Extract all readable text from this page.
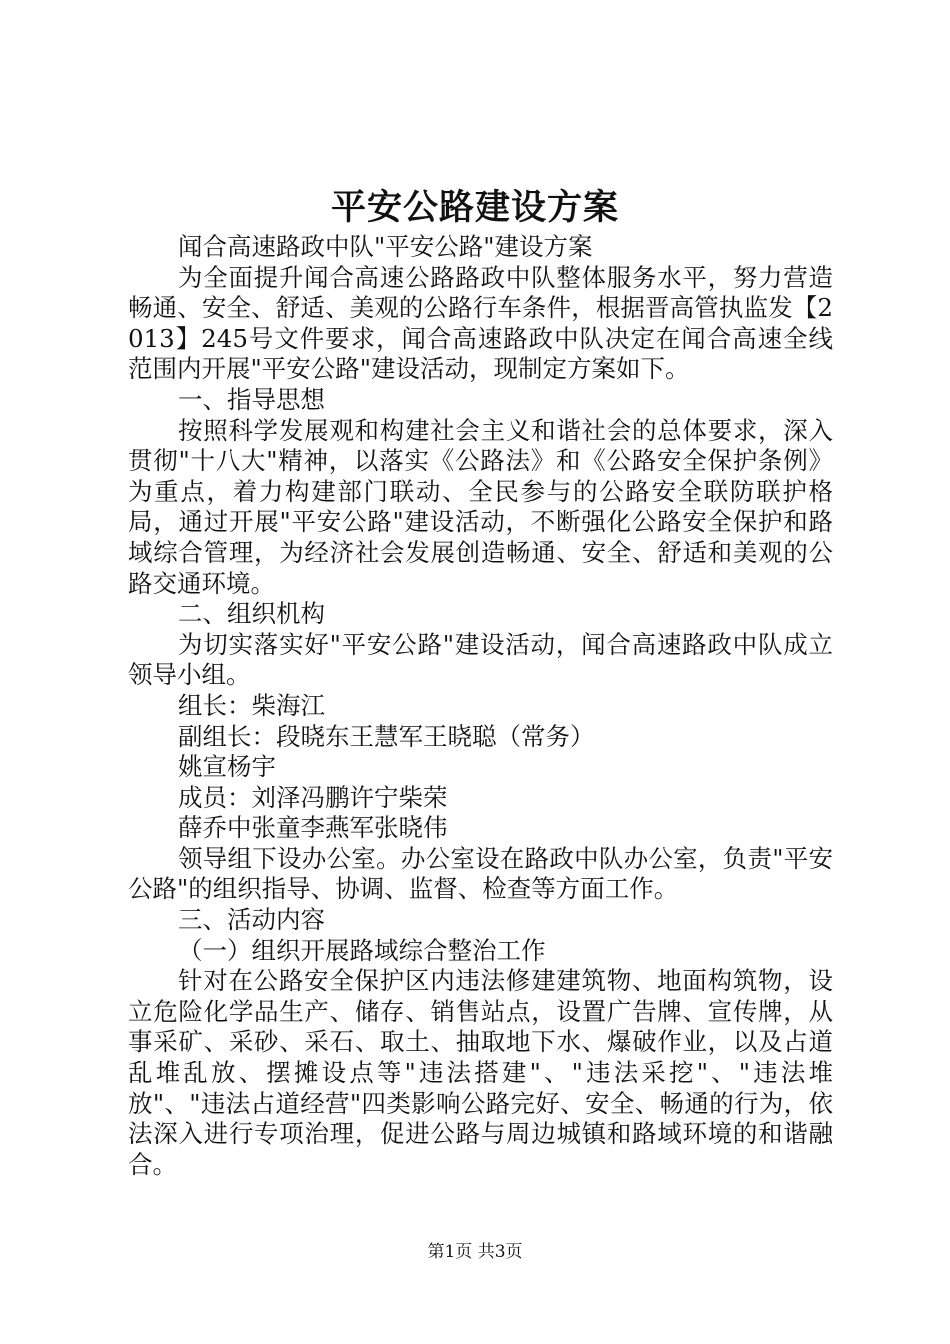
平安公路建设方案

闻合高速路政中队"平安公路"建设方案

为全面提升闻合高速公路路政中队整体服务水平，努力营造畅通、安全、舒适、美观的公路行车条件，根据晋高管执监发【2013】245号文件要求，闻合高速路政中队决定在闻合高速全线范围内开展"平安公路"建设活动，现制定方案如下。

一、指导思想

按照科学发展观和构建社会主义和谐社会的总体要求，深入贯彻"十八大"精神，以落实《公路法》和《公路安全保护条例》为重点，着力构建部门联动、全民参与的公路安全联防联护格局，通过开展"平安公路"建设活动，不断强化公路安全保护和路域综合管理，为经济社会发展创造畅通、安全、舒适和美观的公路交通环境。

二、组织机构

为切实落实好"平安公路"建设活动，闻合高速路政中队成立领导小组。

组长：柴海江

副组长：段晓东王慧军王晓聪（常务）

姚宣杨宇

成员：刘泽冯鹏许宁柴荣

薛乔中张童李燕军张晓伟

领导组下设办公室。办公室设在路政中队办公室，负责"平安公路"的组织指导、协调、监督、检查等方面工作。

三、活动内容

（一）组织开展路域综合整治工作

针对在公路安全保护区内违法修建建筑物、地面构筑物，设立危险化学品生产、储存、销售站点，设置广告牌、宣传牌，从事采矿、采砂、采石、取土、抽取地下水、爆破作业，以及占道乱堆乱放、摆摊设点等"违法搭建"、"违法采挖"、"违法堆放"、"违法占道经营"四类影响公路完好、安全、畅通的行为，依法深入进行专项治理，促进公路与周边城镇和路域环境的和谐融合。

第1页 共3页
